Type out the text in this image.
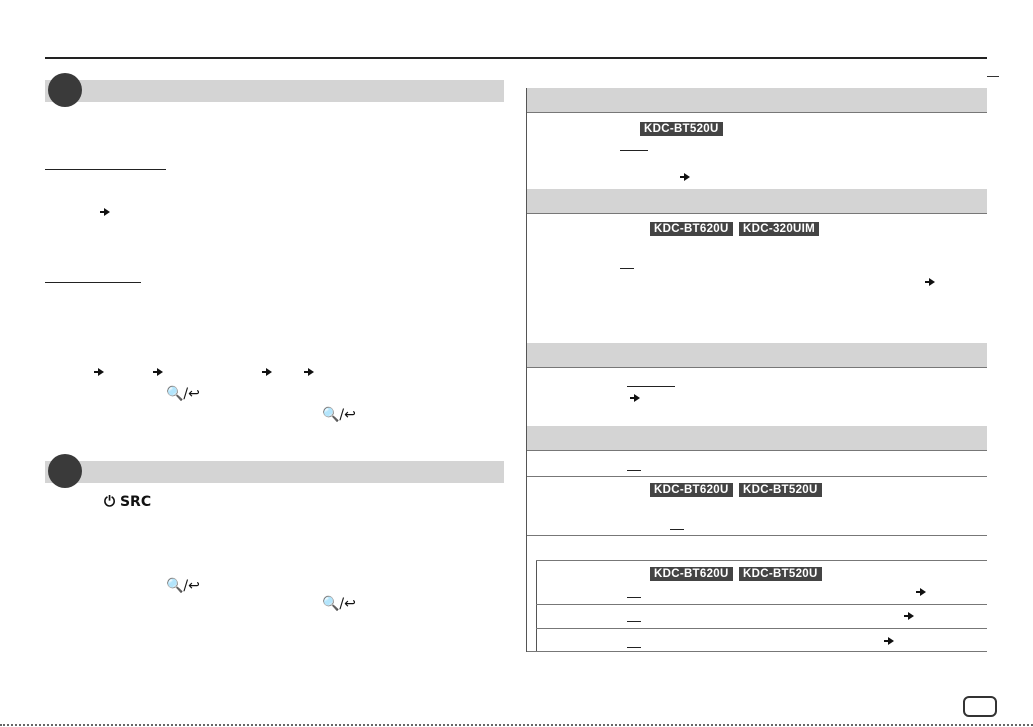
🔍/↩
🔍/↩
⏻ SRC
🔍/↩
🔍/↩
KDC-BT520U
KDC-BT620U	KDC-320UIM
KDC-BT620U	KDC-BT520U
KDC-BT620U	KDC-BT520U
